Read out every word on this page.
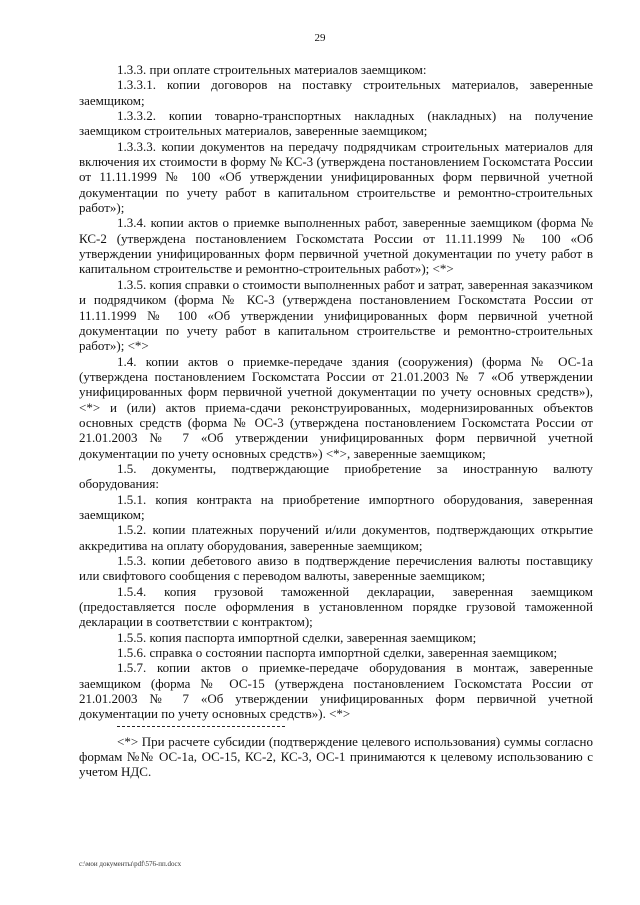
29

1.3.3. при оплате строительных материалов заемщиком:

1.3.3.1. копии договоров на поставку строительных материалов, заверенные заемщиком;

1.3.3.2. копии товарно-транспортных накладных (накладных) на получение заемщиком строительных материалов, заверенные заемщиком;

1.3.3.3. копии документов на передачу подрядчикам строительных материалов для включения их стоимости в форму № КС-3 (утверждена постановлением Госкомстата России от 11.11.1999 № 100 «Об утверждении унифицированных форм первичной учетной документации по учету работ в капитальном строительстве и ремонтно-строительных работ»);

1.3.4. копии актов о приемке выполненных работ, заверенные заемщиком (форма № КС-2 (утверждена постановлением Госкомстата России от 11.11.1999 № 100 «Об утверждении унифицированных форм первичной учетной документации по учету работ в капитальном строительстве и ремонтно-строительных работ»); <*>

1.3.5. копия справки о стоимости выполненных работ и затрат, заверенная заказчиком и подрядчиком (форма № КС-3 (утверждена постановлением Госкомстата России от 11.11.1999 № 100 «Об утверждении унифицированных форм первичной учетной документации по учету работ в капитальном строительстве и ремонтно-строительных работ»); <*>

1.4. копии актов о приемке-передаче здания (сооружения) (форма № ОС-1а (утверждена постановлением Госкомстата России от 21.01.2003 № 7 «Об утверждении унифицированных форм первичной учетной документации по учету основных средств»), <*> и (или) актов приема-сдачи реконструированных, модернизированных объектов основных средств (форма № ОС-3 (утверждена постановлением Госкомстата России от 21.01.2003 № 7 «Об утверждении унифицированных форм первичной учетной документации по учету основных средств») <*>, заверенные заемщиком;

1.5. документы, подтверждающие приобретение за иностранную валюту оборудования:

1.5.1. копия контракта на приобретение импортного оборудования, заверенная заемщиком;

1.5.2. копии платежных поручений и/или документов, подтверждающих открытие аккредитива на оплату оборудования, заверенные заемщиком;

1.5.3. копии дебетового авизо в подтверждение перечисления валюты поставщику или свифтового сообщения с переводом валюты, заверенные заемщиком;

1.5.4. копия грузовой таможенной декларации, заверенная заемщиком (предоставляется после оформления в установленном порядке грузовой таможенной декларации в соответствии с контрактом);

1.5.5. копия паспорта импортной сделки, заверенная заемщиком;

1.5.6. справка о состоянии паспорта импортной сделки, заверенная заемщиком;

1.5.7. копии актов о приемке-передаче оборудования в монтаж, заверенные заемщиком (форма № ОС-15 (утверждена постановлением Госкомстата России от 21.01.2003 № 7 «Об утверждении унифицированных форм первичной учетной документации по учету основных средств»). <*>

<*> При расчете субсидии (подтверждение целевого использования) суммы согласно формам №№ ОС-1а, ОС-15, КС-2, КС-3, ОС-1 принимаются к целевому использованию с учетом НДС.

c:\мои документы\pdf\576-пп.docx
